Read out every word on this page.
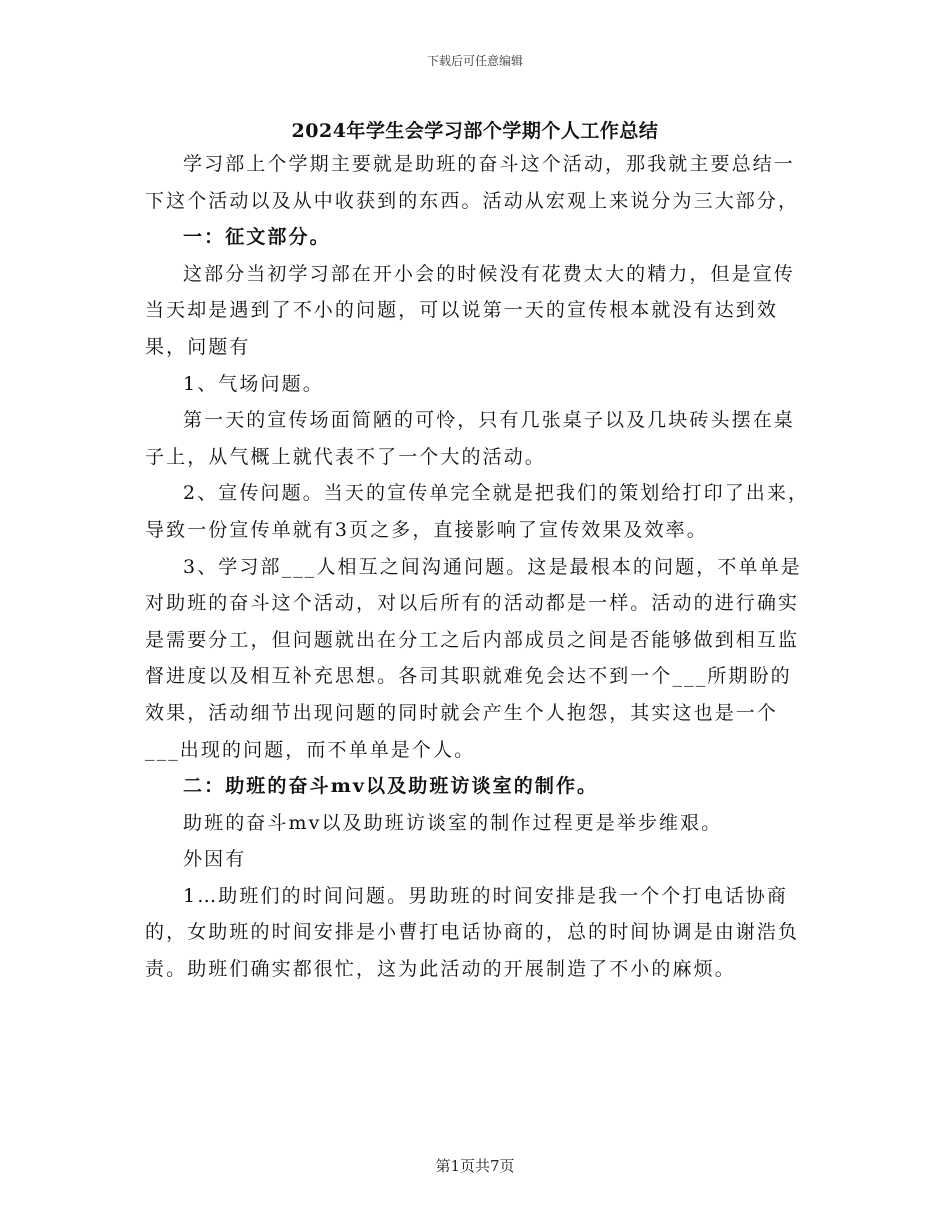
下载后可任意编辑
2024年学生会学习部个学期个人工作总结

学习部上个学期主要就是助班的奋斗这个活动，那我就主要总结一下这个活动以及从中收获到的东西。活动从宏观上来说分为三大部分，

一：征文部分。

这部分当初学习部在开小会的时候没有花费太大的精力，但是宣传当天却是遇到了不小的问题，可以说第一天的宣传根本就没有达到效果，问题有

1、气场问题。

第一天的宣传场面简陋的可怜，只有几张桌子以及几块砖头摆在桌子上，从气概上就代表不了一个大的活动。

2、宣传问题。当天的宣传单完全就是把我们的策划给打印了出来，导致一份宣传单就有3页之多，直接影响了宣传效果及效率。

3、学习部___人相互之间沟通问题。这是最根本的问题，不单单是对助班的奋斗这个活动，对以后所有的活动都是一样。活动的进行确实是需要分工，但问题就出在分工之后内部成员之间是否能够做到相互监督进度以及相互补充思想。各司其职就难免会达不到一个___所期盼的效果，活动细节出现问题的同时就会产生个人抱怨，其实这也是一个___出现的问题，而不单单是个人。

二：助班的奋斗mv以及助班访谈室的制作。

助班的奋斗mv以及助班访谈室的制作过程更是举步维艰。

外因有

1…助班们的时间问题。男助班的时间安排是我一个个打电话协商的，女助班的时间安排是小曹打电话协商的，总的时间协调是由谢浩负责。助班们确实都很忙，这为此活动的开展制造了不小的麻烦。

第1页共7页
